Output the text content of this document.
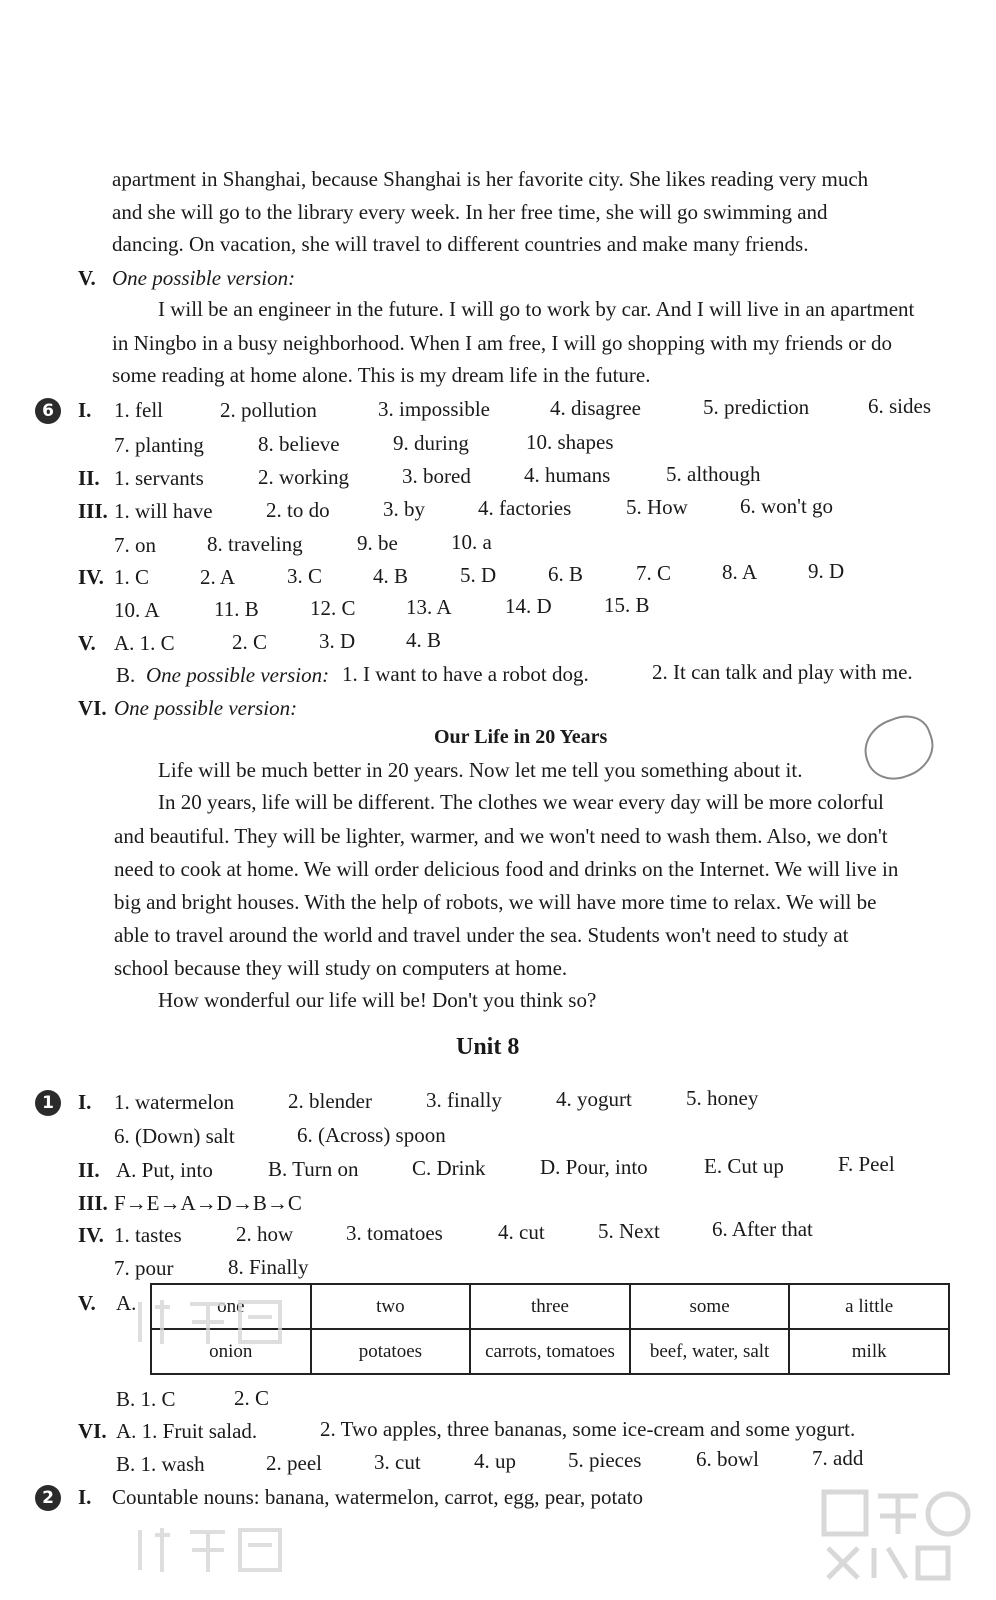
apartment in Shanghai, because Shanghai is her favorite city. She likes reading very much
and she will go to the library every week. In her free time, she will go swimming and
dancing. On vacation, she will travel to different countries and make many friends.
V. One possible version:
I will be an engineer in the future. I will go to work by car. And I will live in an apartment
in Ningbo in a busy neighborhood. When I am free, I will go shopping with my friends or do
some reading at home alone. This is my dream life in the future.
6	I. 1. fell	2. pollution	3. impossible	4. disagree	5. prediction	6. sides
7. planting	8. believe	9. during	10. shapes
II. 1. servants	2. working	3. bored	4. humans	5. although
III. 1. will have	2. to do	3. by	4. factories	5. How 6. won't go
7. on 8. traveling	9. be	10. a
IV. 1. C 2. A 3. C 4. B 5. D 6. B	7. C 8. A 9. D
10. A	11. B 12. C 13. A	14. D 15. B
V. A. 1. C	2. C 3. D 4. B
B. One possible version: 1. I want to have a robot dog.	2. It can talk and play with me.
VI. One possible version:
Our Life in 20 Years
Life will be much better in 20 years. Now let me tell you something about it.
In 20 years, life will be different. The clothes we wear every day will be more colorful
and beautiful. They will be lighter, warmer, and we won't need to wash them. Also, we don't
need to cook at home. We will order delicious food and drinks on the Internet. We will live in
big and bright houses. With the help of robots, we will have more time to relax. We will be
able to travel around the world and travel under the sea. Students won't need to study at
school because they will study on computers at home.
How wonderful our life will be! Don't you think so?
Unit 8
1	I. 1. watermelon	2. blender	3. finally	4. yogurt	5. honey
6. (Down) salt	6. (Across) spoon
II. A. Put, into	B. Turn on	C. Drink	D. Pour, into	E. Cut up	F. Peel
III. F→E→A→D→B→C
IV. 1. tastes	2. how	3. tomatoes	4. cut	5. Next 6. After that
7. pour	8. Finally
V. A.	one	two	three	some	a little
onion	potatoes	carrots, tomatoes	beef, water, salt	milk
B. 1. C	2. C
VI. A. 1. Fruit salad.	2. Two apples, three bananas, some ice-cream and some yogurt.
B. 1. wash	2. peel 3. cut	4. up 5. pieces	6. bowl	7. add
2	I. Countable nouns: banana, watermelon, carrot, egg, pear, potato
